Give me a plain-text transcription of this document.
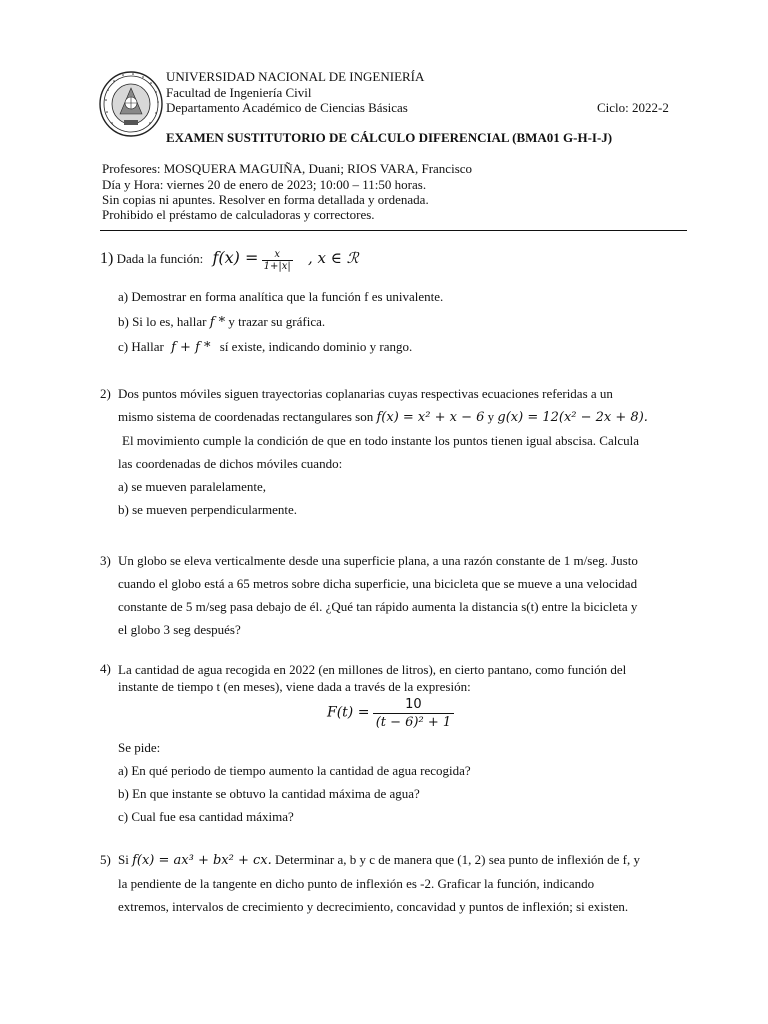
UNIVERSIDAD NACIONAL DE INGENIERÍA
Facultad de Ingeniería Civil
Departamento Académico de Ciencias Básicas	Ciclo: 2022-2
EXAMEN SUSTITUTORIO DE CÁLCULO DIFERENCIAL (BMA01 G-H-I-J)
Profesores: MOSQUERA MAGUIÑA, Duani; RIOS VARA, Francisco
Día y Hora: viernes 20 de enero de 2023; 10:00 – 11:50 horas.
Sin copias ni apuntes. Resolver en forma detallada y ordenada.
Prohibido el préstamo de calculadoras y correctores.
1) Dada la función: $f(x) = \frac{x}{1+|x|}$ , x ∈ ℛ
a) Demostrar en forma analítica que la función f es univalente.
b) Si lo es, hallar f * y trazar su gráfica.
c) Hallar f + f * sí existe, indicando dominio y rango.
2) Dos puntos móviles siguen trayectorias coplanarias cuyas respectivas ecuaciones referidas a un
mismo sistema de coordenadas rectangulares son f(x) = x² + x − 6 y g(x) = 12(x² − 2x + 8).
El movimiento cumple la condición de que en todo instante los puntos tienen igual abscisa. Calcula
las coordenadas de dichos móviles cuando:
a) se mueven paralelamente,
b) se mueven perpendicularmente.
3) Un globo se eleva verticalmente desde una superficie plana, a una razón constante de 1 m/seg. Justo
cuando el globo está a 65 metros sobre dicha superficie, una bicicleta que se mueve a una velocidad
constante de 5 m/seg pasa debajo de él. ¿Qué tan rápido aumenta la distancia s(t) entre la bicicleta y
el globo 3 seg después?
4) La cantidad de agua recogida en 2022 (en millones de litros), en cierto pantano, como función del
instante de tiempo t (en meses), viene dada a través de la expresión:
$F(t) = \frac{10}{\text{(t − 6)² + 1}}$
Se pide:
a) En qué periodo de tiempo aumento la cantidad de agua recogida?
b) En que instante se obtuvo la cantidad máxima de agua?
c) Cual fue esa cantidad máxima?
5) Si f(x) = ax³ + bx² + cx. Determinar a, b y c de manera que (1, 2) sea punto de inflexión de f, y
la pendiente de la tangente en dicho punto de inflexión es -2. Graficar la función, indicando
extremos, intervalos de crecimiento y decrecimiento, concavidad y puntos de inflexión; si existen.
